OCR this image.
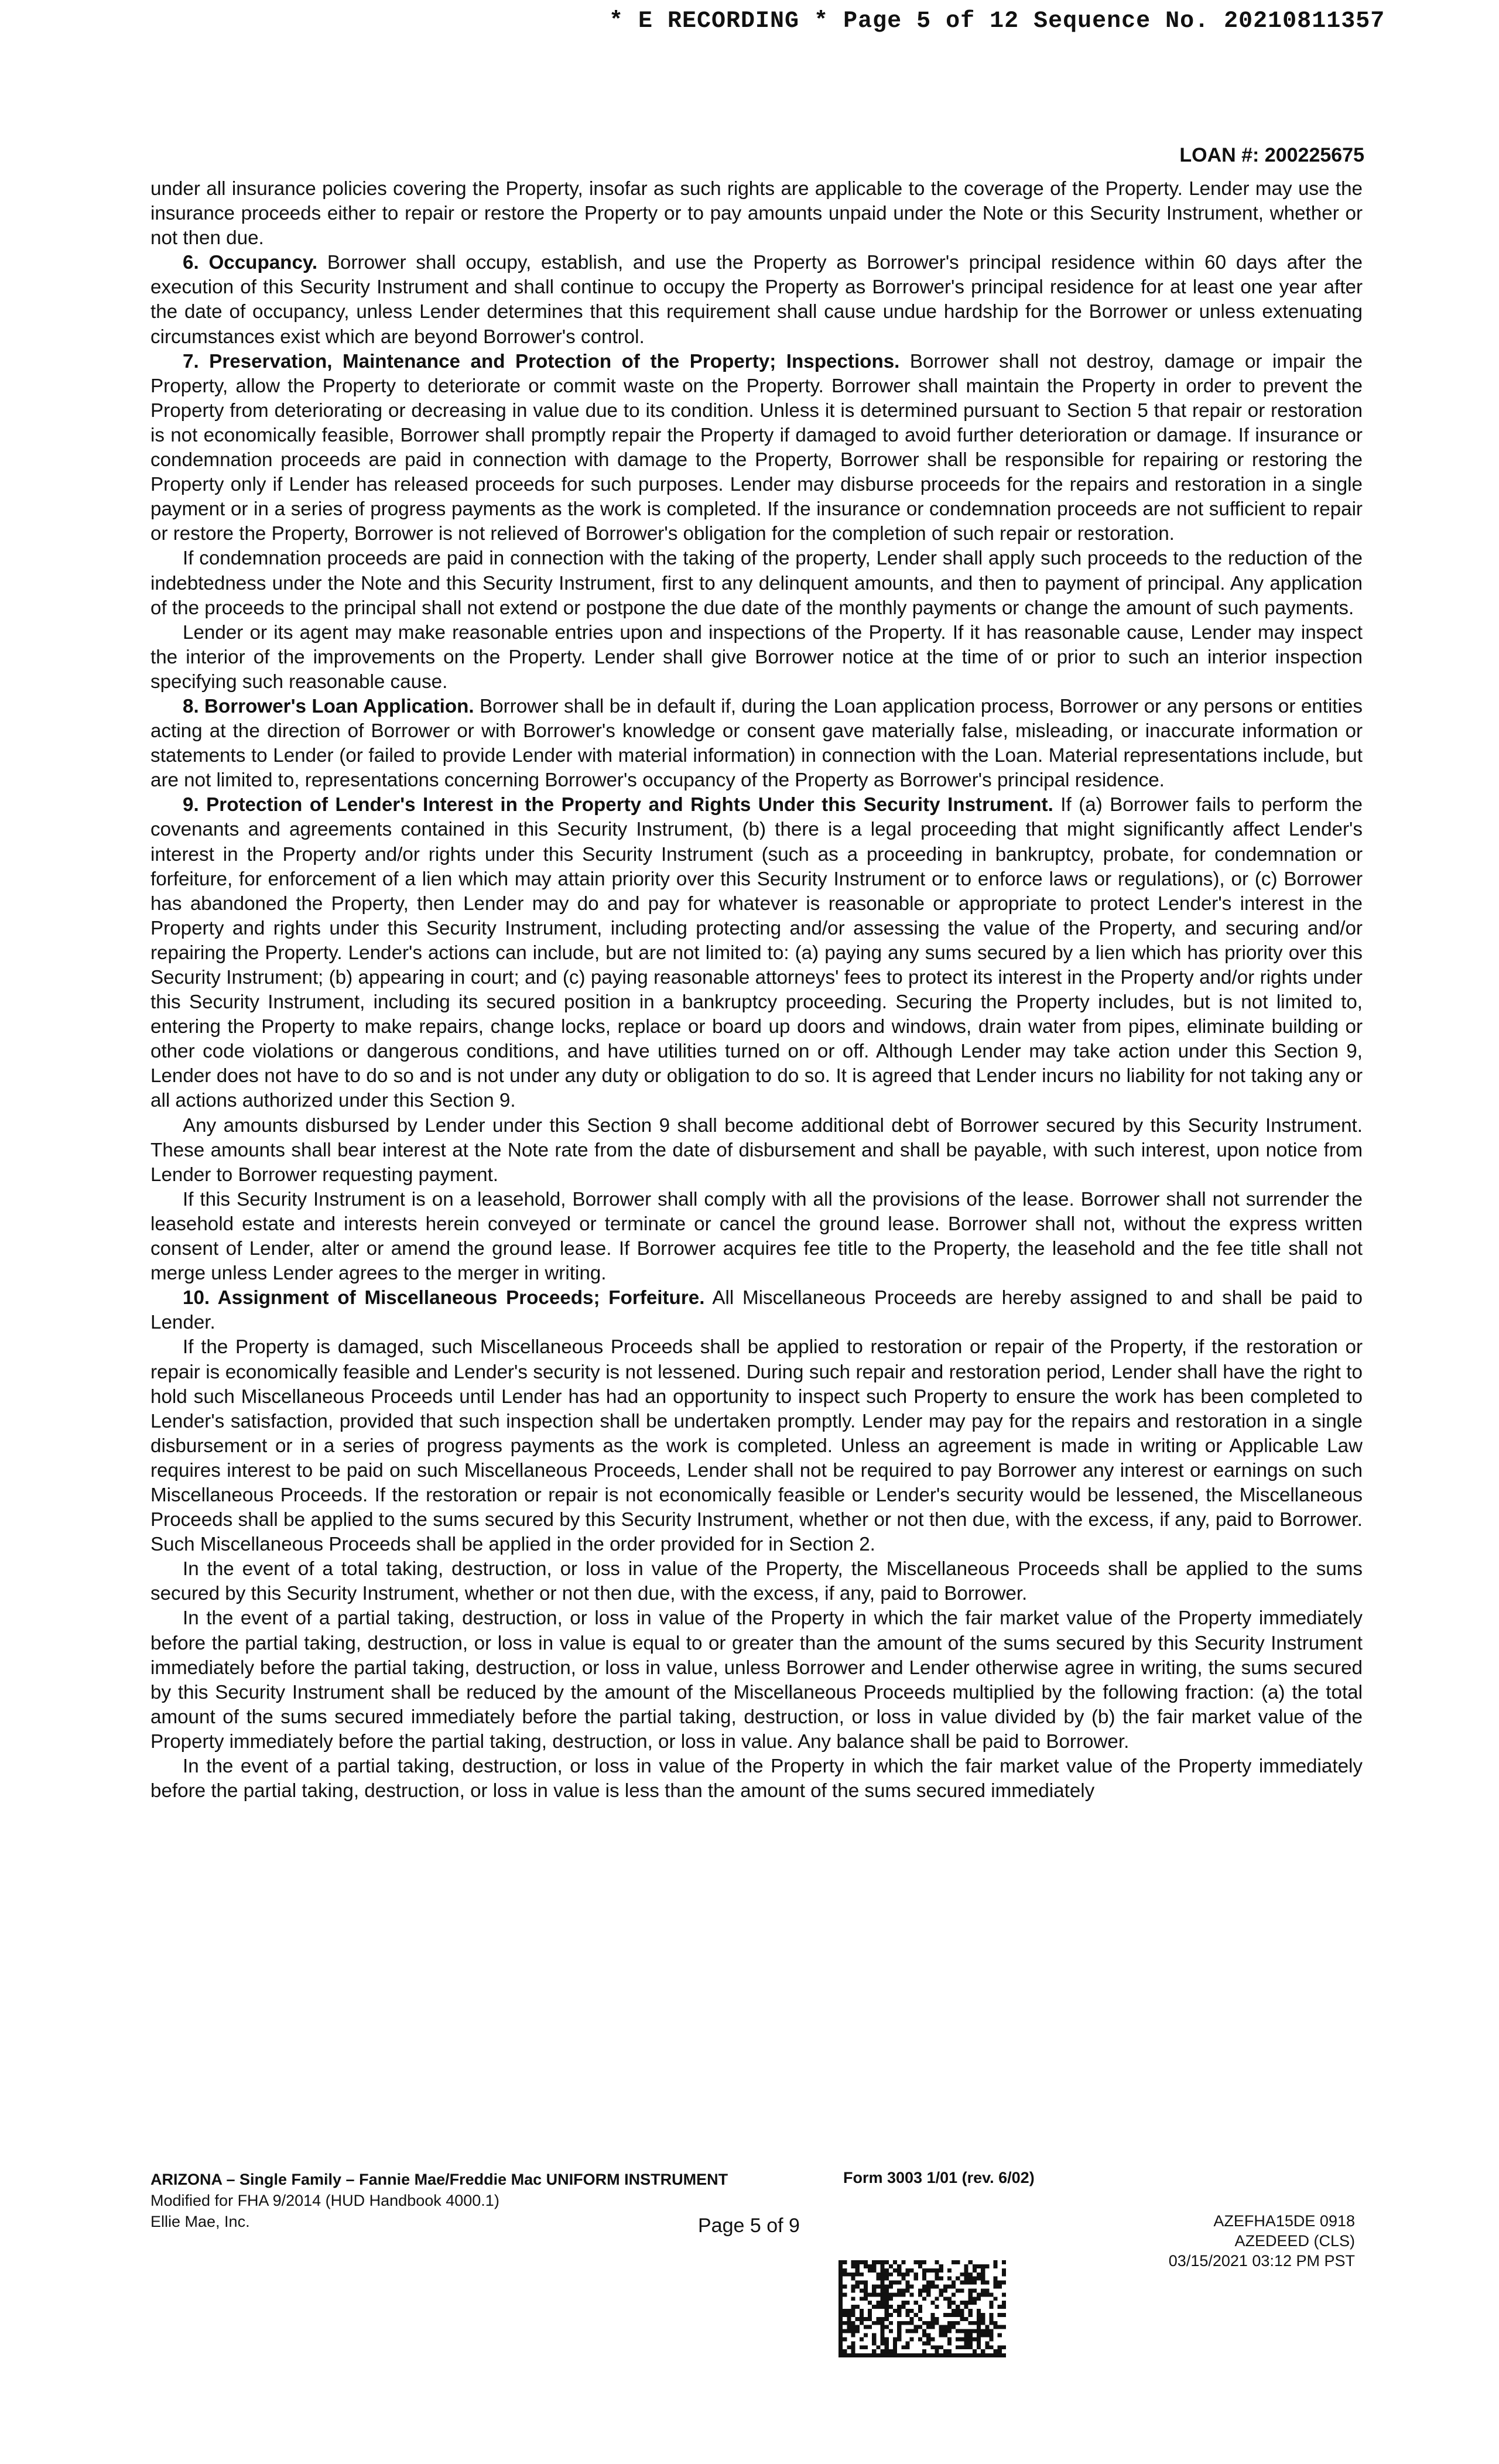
* E RECORDING * Page 5 of 12 Sequence No. 20210811357
LOAN #: 200225675

under all insurance policies covering the Property, insofar as such rights are applicable to the coverage of the Property. Lender may use the insurance proceeds either to repair or restore the Property or to pay amounts unpaid under the Note or this Security Instrument, whether or not then due.

6. Occupancy. Borrower shall occupy, establish, and use the Property as Borrower's principal residence within 60 days after the execution of this Security Instrument and shall continue to occupy the Property as Borrower's principal residence for at least one year after the date of occupancy, unless Lender determines that this requirement shall cause undue hardship for the Borrower or unless extenuating circumstances exist which are beyond Borrower's control.

7. Preservation, Maintenance and Protection of the Property; Inspections. Borrower shall not destroy, damage or impair the Property, allow the Property to deteriorate or commit waste on the Property. Borrower shall maintain the Property in order to prevent the Property from deteriorating or decreasing in value due to its condition. Unless it is determined pursuant to Section 5 that repair or restoration is not economically feasible, Borrower shall promptly repair the Property if damaged to avoid further deterioration or damage. If insurance or condemnation proceeds are paid in connection with damage to the Property, Borrower shall be responsible for repairing or restoring the Property only if Lender has released proceeds for such purposes. Lender may disburse proceeds for the repairs and restoration in a single payment or in a series of progress payments as the work is completed. If the insurance or condemnation proceeds are not sufficient to repair or restore the Property, Borrower is not relieved of Borrower's obligation for the completion of such repair or restoration.

If condemnation proceeds are paid in connection with the taking of the property, Lender shall apply such proceeds to the reduction of the indebtedness under the Note and this Security Instrument, first to any delinquent amounts, and then to payment of principal. Any application of the proceeds to the principal shall not extend or postpone the due date of the monthly payments or change the amount of such payments.

Lender or its agent may make reasonable entries upon and inspections of the Property. If it has reasonable cause, Lender may inspect the interior of the improvements on the Property. Lender shall give Borrower notice at the time of or prior to such an interior inspection specifying such reasonable cause.

8. Borrower's Loan Application. Borrower shall be in default if, during the Loan application process, Borrower or any persons or entities acting at the direction of Borrower or with Borrower's knowledge or consent gave materially false, misleading, or inaccurate information or statements to Lender (or failed to provide Lender with material information) in connection with the Loan. Material representations include, but are not limited to, representations concerning Borrower's occupancy of the Property as Borrower's principal residence.

9. Protection of Lender's Interest in the Property and Rights Under this Security Instrument. If (a) Borrower fails to perform the covenants and agreements contained in this Security Instrument, (b) there is a legal proceeding that might significantly affect Lender's interest in the Property and/or rights under this Security Instrument (such as a proceeding in bankruptcy, probate, for condemnation or forfeiture, for enforcement of a lien which may attain priority over this Security Instrument or to enforce laws or regulations), or (c) Borrower has abandoned the Property, then Lender may do and pay for whatever is reasonable or appropriate to protect Lender's interest in the Property and rights under this Security Instrument, including protecting and/or assessing the value of the Property, and securing and/or repairing the Property. Lender's actions can include, but are not limited to: (a) paying any sums secured by a lien which has priority over this Security Instrument; (b) appearing in court; and (c) paying reasonable attorneys' fees to protect its interest in the Property and/or rights under this Security Instrument, including its secured position in a bankruptcy proceeding. Securing the Property includes, but is not limited to, entering the Property to make repairs, change locks, replace or board up doors and windows, drain water from pipes, eliminate building or other code violations or dangerous conditions, and have utilities turned on or off. Although Lender may take action under this Section 9, Lender does not have to do so and is not under any duty or obligation to do so. It is agreed that Lender incurs no liability for not taking any or all actions authorized under this Section 9.

Any amounts disbursed by Lender under this Section 9 shall become additional debt of Borrower secured by this Security Instrument. These amounts shall bear interest at the Note rate from the date of disbursement and shall be payable, with such interest, upon notice from Lender to Borrower requesting payment.

If this Security Instrument is on a leasehold, Borrower shall comply with all the provisions of the lease. Borrower shall not surrender the leasehold estate and interests herein conveyed or terminate or cancel the ground lease. Borrower shall not, without the express written consent of Lender, alter or amend the ground lease. If Borrower acquires fee title to the Property, the leasehold and the fee title shall not merge unless Lender agrees to the merger in writing.

10. Assignment of Miscellaneous Proceeds; Forfeiture. All Miscellaneous Proceeds are hereby assigned to and shall be paid to Lender.

If the Property is damaged, such Miscellaneous Proceeds shall be applied to restoration or repair of the Property, if the restoration or repair is economically feasible and Lender's security is not lessened. During such repair and restoration period, Lender shall have the right to hold such Miscellaneous Proceeds until Lender has had an opportunity to inspect such Property to ensure the work has been completed to Lender's satisfaction, provided that such inspection shall be undertaken promptly. Lender may pay for the repairs and restoration in a single disbursement or in a series of progress payments as the work is completed. Unless an agreement is made in writing or Applicable Law requires interest to be paid on such Miscellaneous Proceeds, Lender shall not be required to pay Borrower any interest or earnings on such Miscellaneous Proceeds. If the restoration or repair is not economically feasible or Lender's security would be lessened, the Miscellaneous Proceeds shall be applied to the sums secured by this Security Instrument, whether or not then due, with the excess, if any, paid to Borrower. Such Miscellaneous Proceeds shall be applied in the order provided for in Section 2.

In the event of a total taking, destruction, or loss in value of the Property, the Miscellaneous Proceeds shall be applied to the sums secured by this Security Instrument, whether or not then due, with the excess, if any, paid to Borrower.

In the event of a partial taking, destruction, or loss in value of the Property in which the fair market value of the Property immediately before the partial taking, destruction, or loss in value is equal to or greater than the amount of the sums secured by this Security Instrument immediately before the partial taking, destruction, or loss in value, unless Borrower and Lender otherwise agree in writing, the sums secured by this Security Instrument shall be reduced by the amount of the Miscellaneous Proceeds multiplied by the following fraction: (a) the total amount of the sums secured immediately before the partial taking, destruction, or loss in value divided by (b) the fair market value of the Property immediately before the partial taking, destruction, or loss in value. Any balance shall be paid to Borrower.

In the event of a partial taking, destruction, or loss in value of the Property in which the fair market value of the Property immediately before the partial taking, destruction, or loss in value is less than the amount of the sums secured immediately

ARIZONA – Single Family – Fannie Mae/Freddie Mac UNIFORM INSTRUMENT
Modified for FHA 9/2014 (HUD Handbook 4000.1)
Ellie Mae, Inc.
Form 3003 1/01 (rev. 6/02)
Page 5 of 9	AZEFHA15DE 0918
AZEDEED (CLS)
03/15/2021 03:12 PM PST
